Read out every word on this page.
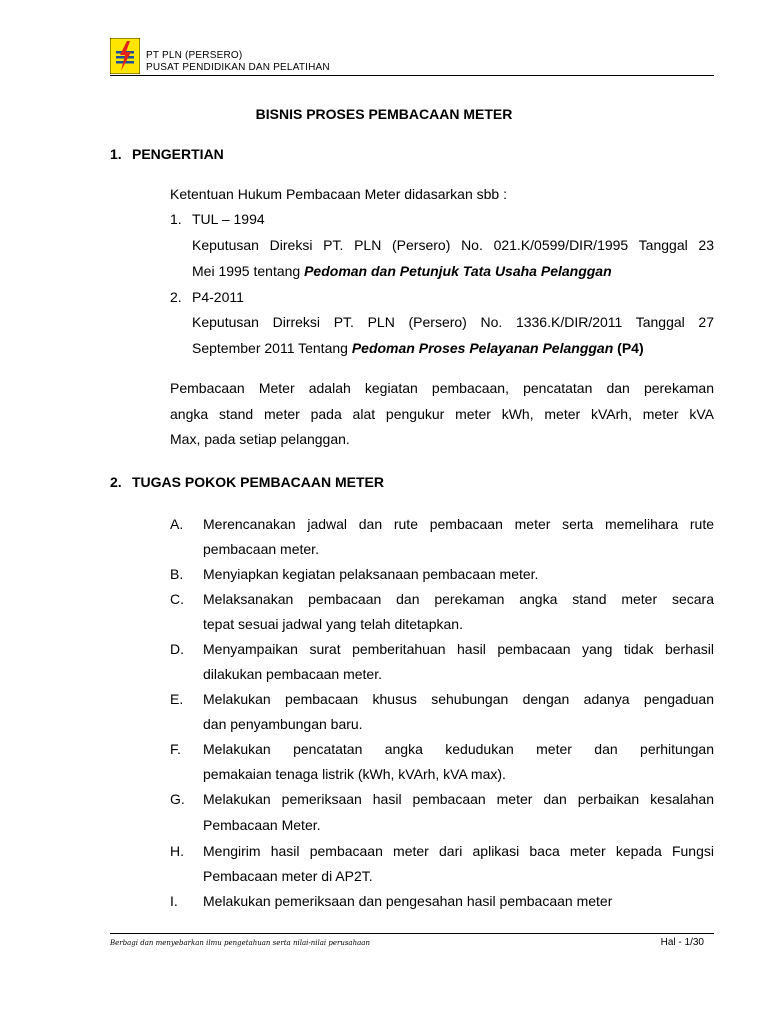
PT PLN (PERSERO)
PUSAT PENDIDIKAN DAN PELATIHAN
BISNIS PROSES PEMBACAAN METER
1. PENGERTIAN
Ketentuan Hukum Pembacaan Meter didasarkan sbb :
1. TUL – 1994
Keputusan Direksi PT. PLN (Persero) No. 021.K/0599/DIR/1995 Tanggal 23
Mei 1995 tentang Pedoman dan Petunjuk Tata Usaha Pelanggan
2. P4-2011
Keputusan Dirreksi PT. PLN (Persero) No. 1336.K/DIR/2011 Tanggal 27
September 2011 Tentang Pedoman Proses Pelayanan Pelanggan (P4)
Pembacaan Meter adalah kegiatan pembacaan, pencatatan dan perekaman
angka stand meter pada alat pengukur meter kWh, meter kVArh, meter kVA
Max, pada setiap pelanggan.
2. TUGAS POKOK PEMBACAAN METER
A. Merencanakan jadwal dan rute pembacaan meter serta memelihara rute
pembacaan meter.
B. Menyiapkan kegiatan pelaksanaan pembacaan meter.
C. Melaksanakan pembacaan dan perekaman angka stand meter secara
tepat sesuai jadwal yang telah ditetapkan.
D. Menyampaikan surat pemberitahuan hasil pembacaan yang tidak berhasil
dilakukan pembacaan meter.
E. Melakukan pembacaan khusus sehubungan dengan adanya pengaduan
dan penyambungan baru.
F. Melakukan pencatatan angka kedudukan meter dan perhitungan
pemakaian tenaga listrik (kWh, kVArh, kVA max).
G. Melakukan pemeriksaan hasil pembacaan meter dan perbaikan kesalahan
Pembacaan Meter.
H. Mengirim hasil pembacaan meter dari aplikasi baca meter kepada Fungsi
Pembacaan meter di AP2T.
I. Melakukan pemeriksaan dan pengesahan hasil pembacaan meter
Berbagi dan menyebarkan ilmu pengetahuan serta nilai-nilai perusahaan	Hal - 1/30
